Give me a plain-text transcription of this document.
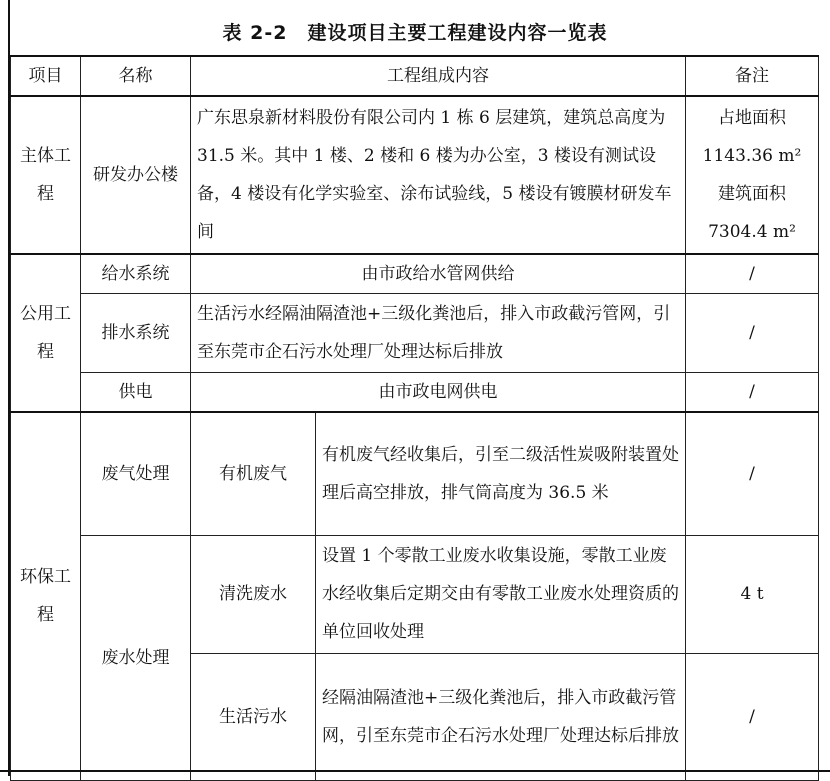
表 2-2　建设项目主要工程建设内容一览表
项目	名称	工程组成内容		备注
主体工程	研发办公楼	广东思泉新材料股份有限公司内 1 栋 6 层建筑，建筑总高度为 31.5 米。其中 1 楼、2 楼和 6 楼为办公室，3 楼设有测试设备，4 楼设有化学实验室、涂布试验线，5 楼设有镀膜材研发车间		占地面积 1143.36 m² 建筑面积 7304.4 m²
公用工程	给水系统	由市政给水管网供给		/
	排水系统	生活污水经隔油隔渣池+三级化粪池后，排入市政截污管网，引至东莞市企石污水处理厂处理达标后排放		/
	供电	由市政电网供电		/
环保工程	废气处理	有机废气	有机废气经收集后，引至二级活性炭吸附装置处理后高空排放，排气筒高度为 36.5 米	/
	废水处理	清洗废水	设置 1 个零散工业废水收集设施，零散工业废水经收集后定期交由有零散工业废水处理资质的单位回收处理	4 t
		生活污水	经隔油隔渣池+三级化粪池后，排入市政截污管网，引至东莞市企石污水处理厂处理达标后排放	/
